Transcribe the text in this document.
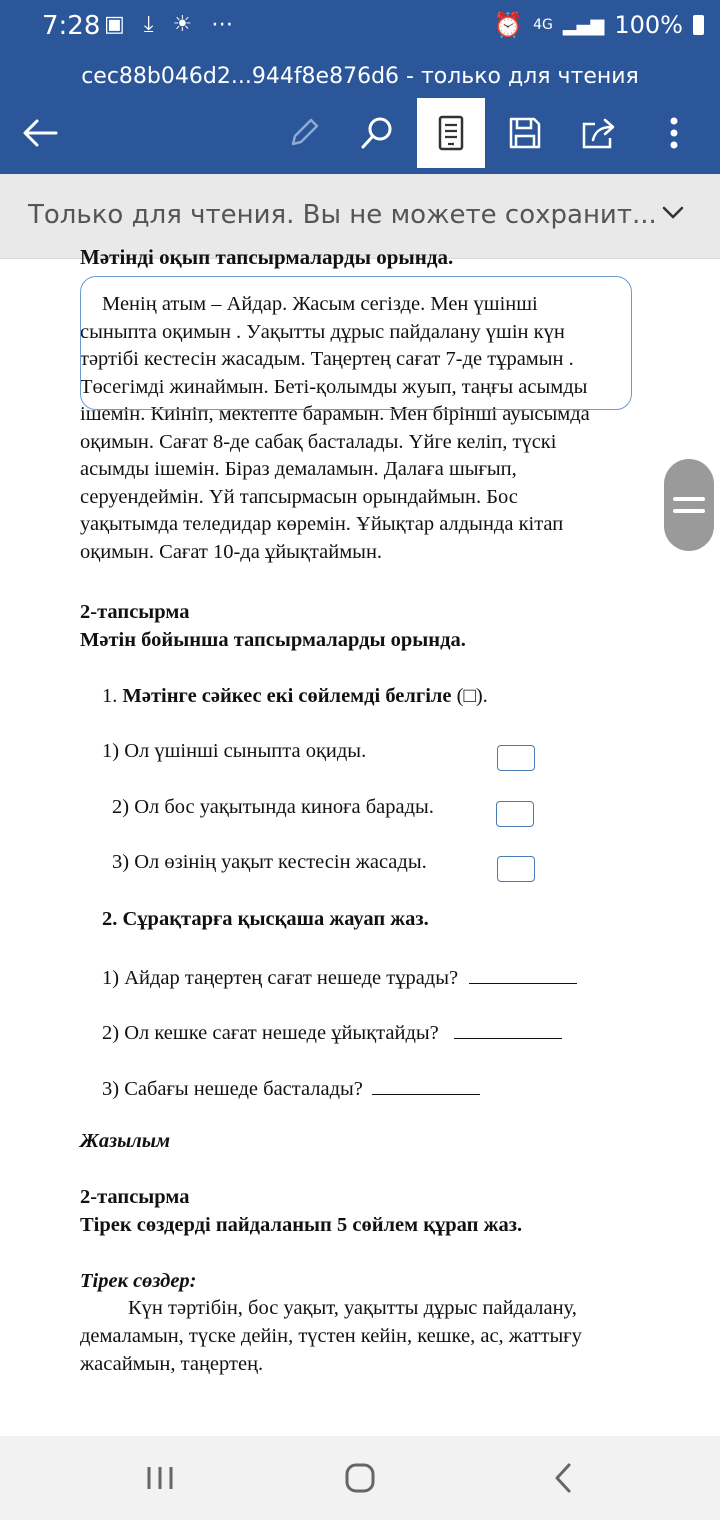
7:28 ▣ ⤓ ☀ ⋯	⏰ 4G ▂▄▆ 100%
cec88b046d2...944f8e876d6 - только для чтения
Только для чтения. Вы не можете сохранит...
Мәтінді оқып тапсырмаларды орында.

Менің атым – Айдар. Жасым сегізде. Мен үшінші

сыныпта оқимын . Уақытты дұрыс пайдалану үшін күн

тәртібі кестесін жасадым. Таңертең сағат 7-де тұрамын .

Төсегімді жинаймын. Беті-қолымды жуып, таңғы асымды

ішемін. Киініп, мектепте барамын. Мен бірінші ауысымда

оқимын. Сағат 8-де сабақ басталады. Үйге келіп, түскі

асымды ішемін. Біраз демаламын. Далаға шығып,

серуендеймін. Үй тапсырмасын орындаймын. Бос

уақытымда теледидар көремін. Ұйықтар алдында кітап

оқимын. Сағат 10-да ұйықтаймын.

2-тапсырма
Мәтін бойынша тапсырмаларды орында.
1. Мәтінге сәйкес екі сөйлемді белгіле (□).
1) Ол үшінші сыныпта оқиды.
2) Ол бос уақытында киноға барады.
3) Ол өзінің уақыт кестесін жасады.
2. Сұрақтарға қысқаша жауап жаз.
1) Айдар таңертең сағат нешеде тұрады?
2) Ол кешке сағат нешеде ұйықтайды?
3) Сабағы нешеде басталады?
Жазылым
2-тапсырма
Тірек сөздерді пайдаланып 5 сөйлем құрап жаз.
Тірек сөздер:
Күн тәртібін, бос уақыт, уақытты дұрыс пайдалану,
демаламын, түске дейін, түстен кейін, кешке, ас, жаттығу
жасаймын, таңертең.
